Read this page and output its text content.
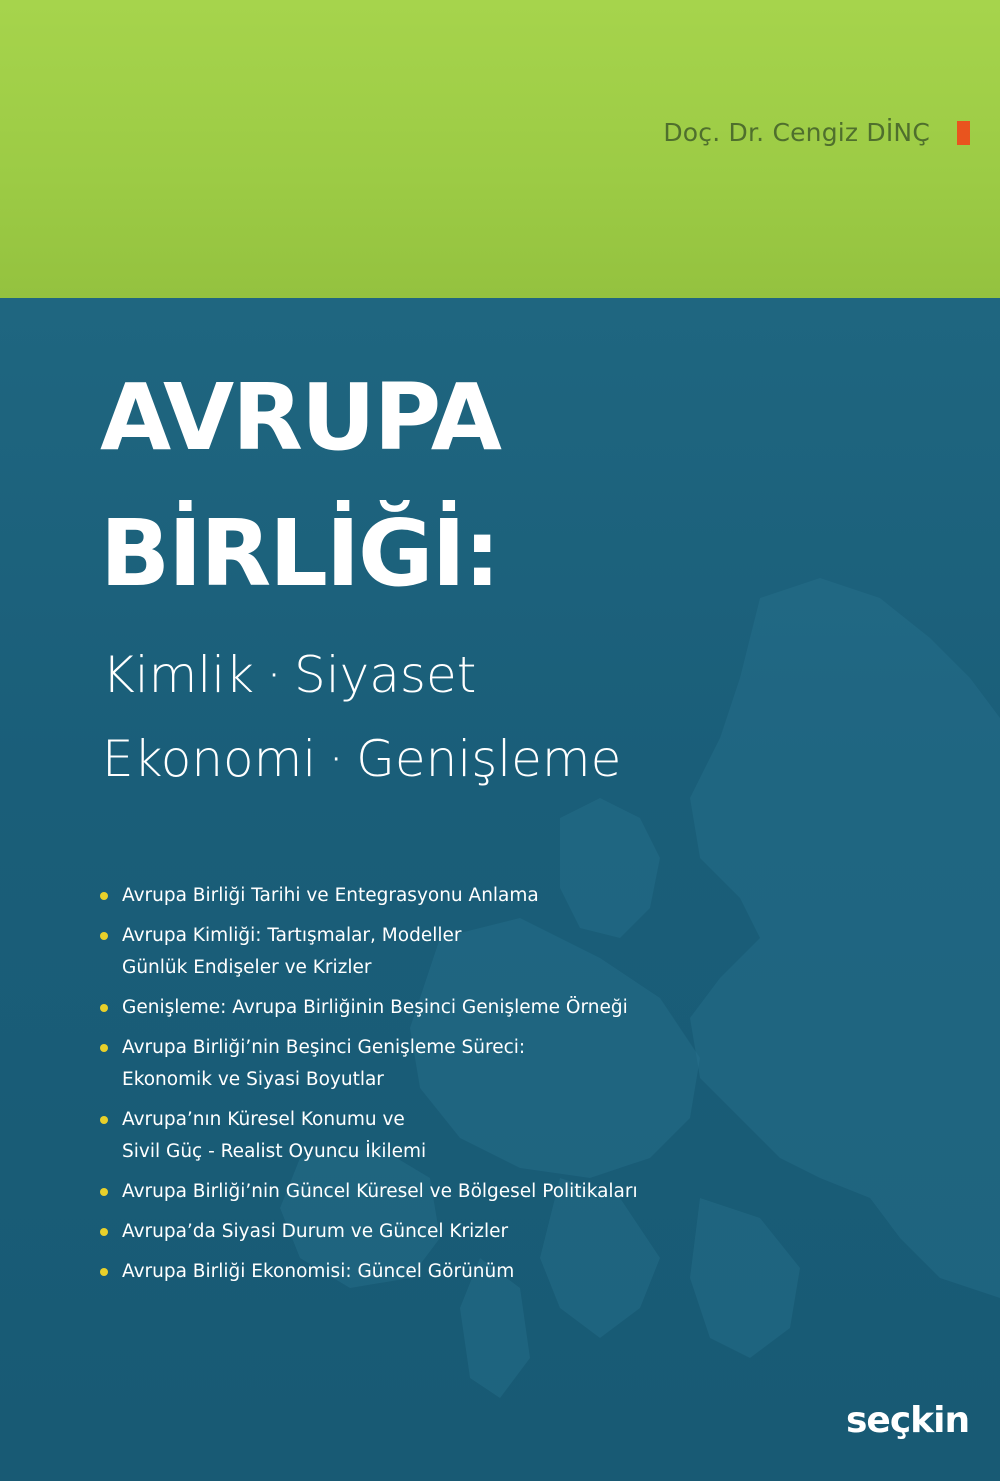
Doç. Dr. Cengiz DİNÇ
AVRUPA
BİRLİĞİ:
Kimlik · Siyaset
Ekonomi · Genişleme
Avrupa Birliği Tarihi ve Entegrasyonu Anlama
Avrupa Kimliği: Tartışmalar, Modeller
Günlük Endişeler ve Krizler
Genişleme: Avrupa Birliğinin Beşinci Genişleme Örneği
Avrupa Birliği’nin Beşinci Genişleme Süreci:
Ekonomik ve Siyasi Boyutlar
Avrupa’nın Küresel Konumu ve
Sivil Güç - Realist Oyuncu İkilemi
Avrupa Birliği’nin Güncel Küresel ve Bölgesel Politikaları
Avrupa’da Siyasi Durum ve Güncel Krizler
Avrupa Birliği Ekonomisi: Güncel Görünüm
seçkin
